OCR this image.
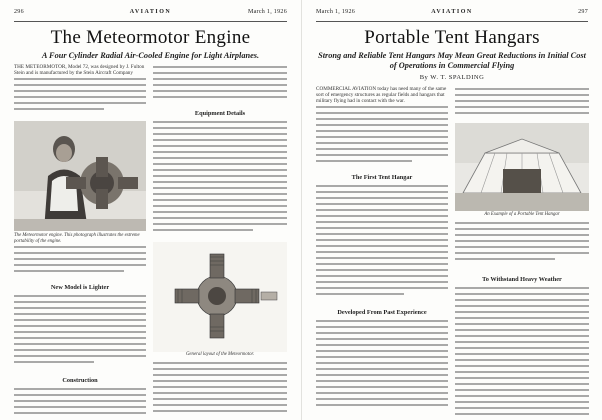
296	AVIATION	March 1, 1926
The Meteormotor Engine
A Four Cylinder Radial Air-Cooled Engine for Light Airplanes.
THE METEORMOTOR, Model 72, was designed by J. Fulton Stein and is manufactured by the Stein Aircraft Company
The Meteormotor engine. This photograph illustrates the extreme portability of the engine.
New Model is Lighter
Construction
Equipment Details
General layout of the Meteormotor.
March 1, 1926	AVIATION	297
Portable Tent Hangars
Strong and Reliable Tent Hangars May Mean Great Reductions in Initial Cost of Operations in Commercial Flying
By W. T. SPALDING
COMMERCIAL AVIATION today has need many of the same sort of emergency structures as regular fields and hangars that military flying had in contact with the war.
The First Tent Hangar
Developed From Past Experience
An Example of a Portable Tent Hangar
To Withstand Heavy Weather
